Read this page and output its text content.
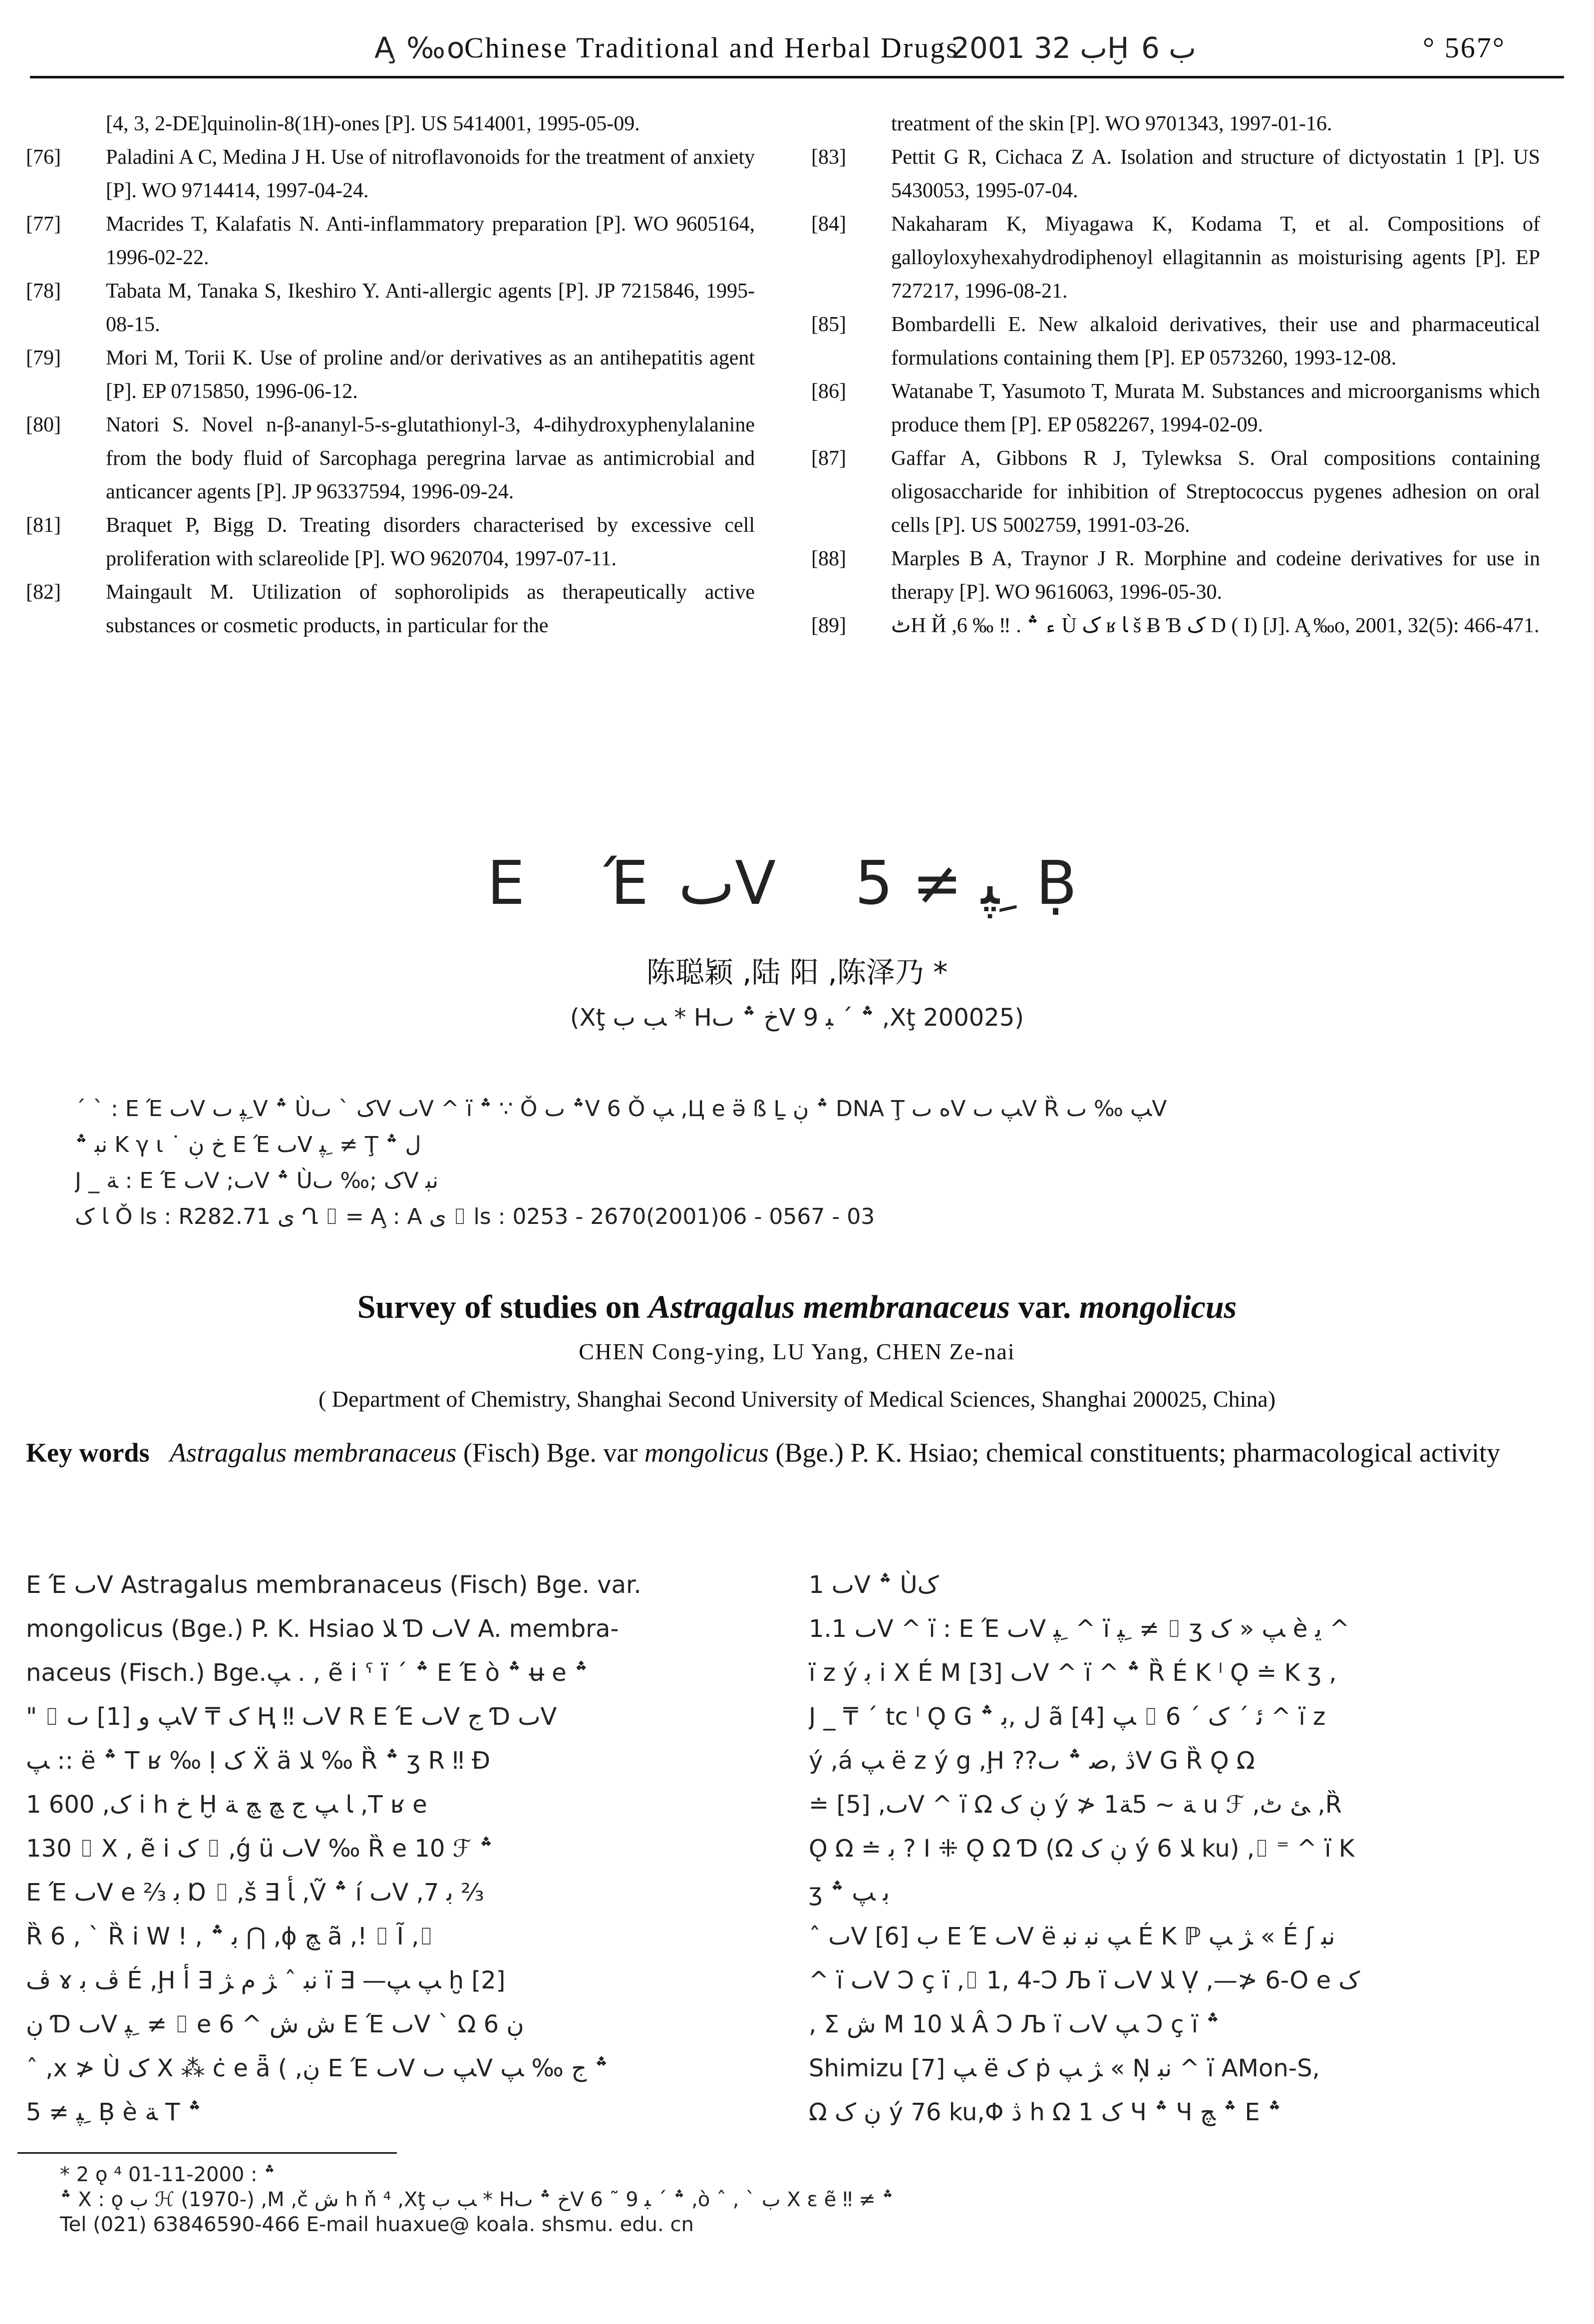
A̧ ‰o
Chinese Traditional and Herbal Drugs
2001 ب 32Ḫ ب 6	° 567°
[4, 3, 2-DE]quinolin-8(1H)-ones [P]. US 5414001, 1995-05-09.
[76] Paladini A C, Medina J H. Use of nitroflavonoids for the treatment of anxiety [P]. WO 9714414, 1997-04-24.
[77] Macrides T, Kalafatis N. Anti-inflammatory preparation [P]. WO 9605164, 1996-02-22.
[78] Tabata M, Tanaka S, Ikeshiro Y. Anti-allergic agents [P]. JP 7215846, 1995-08-15.
[79] Mori M, Torii K. Use of proline and/or derivatives as an antihepatitis agent [P]. EP 0715850, 1996-06-12.
[80] Natori S. Novel n-β-ananyl-5-s-glutathionyl-3, 4-dihydroxyphenylalanine from the body fluid of Sarcophaga peregrina larvae as antimicrobial and anticancer agents [P]. JP 96337594, 1996-09-24.
[81] Braquet P, Bigg D. Treating disorders characterised by excessive cell proliferation with sclareolide [P]. WO 9620704, 1997-07-11.
[82] Maingault M. Utilization of sophorolipids as therapeutically active substances or cosmetic products, in particular for the
treatment of the skin [P]. WO 9701343, 1997-01-16.
[83] Pettit G R, Cichaca Z A. Isolation and structure of dictyostatin 1 [P]. US 5430053, 1995-07-04.
[84] Nakaharam K, Miyagawa K, Kodama T, et al. Compositions of galloyloxyhexahydrodiphenoyl ellagitannin as moisturising agents [P]. EP 727217, 1996-08-21.
[85] Bombardelli E. New alkaloid derivatives, their use and pharmaceutical formulations containing them [P]. EP 0573260, 1993-12-08.
[86] Watanabe T, Yasumoto T, Murata M. Substances and microorganisms which produce them [P]. EP 0582267, 1994-02-09.
[87] Gaffar A, Gibbons R J, Tylewksa S. Oral compositions containing oligosaccharide for inhibition of Streptococcus pygenes adhesion on oral cells [P]. US 5002759, 1991-03-26.
[88] Marples B A, Traynor J R. Morphine and codeine derivatives for use in therapy [P]. WO 9616063, 1996-05-30.
[89] ٹH Й ,ء ؞ . ‼ ‰ 6 Ù ک ʁ ﺎ š Ƀ Ɓ ک D ( I) [J]. A̧ ‰o, 2001, 32(5): 466-471.
E ΈٮV ﹺﭙ ≠ 5 Ḅ
陈聪颖 ,陆 阳 ,陈泽乃 *
(Xţ ﺐ ب * Hخ ؞ ٮV ؞ ΄ ﺒ 9 ,Xţ 200025)
ˊ ˋ : E Έ ٮV ﹺﭙ ٮV ؞ Ùک ˋ ٮV ٮV ^ ï ؞ ∵ Ǒ ؞ ٮV 6 Ǒ ﭗ ,Ц e ӛ ß Ḻ ؞ ڹ DNA Ţ ﻩ ٮV ﭗ ٮV Ȑ ﭗ ‰ ٮV
ﻧﺒ ؞ K γ ι ˙ ﺥ ڹ E Έ ٮV ﹺﭙ ≠ Ţ ﻝ ؞
J _ ﺔ : E Έ ٮV ;ٮV ؞ Ùک ;‰ ٮV ﻧﺒ
ﺎ ک Ǒ ls : R282.71 ی Ղ ⌷ = A̧ : A ی ⌷ ls : 0253 - 2670(2001)06 - 0567 - 03
Survey of studies on Astragalus membranaceus var. mongolicus
CHEN Cong-ying, LU Yang, CHEN Ze-nai
( Department of Chemistry, Shanghai Second University of Medical Sciences, Shanghai 200025, China)
Key words Astragalus membranaceus (Fisch) Bge. var mongolicus (Bge.) P. K. Hsiao; chemical constituents; pharmacological activity
E Έ ٮV Astragalus membranaceus (Fisch) Bge. var.
mongolicus (Bge.) P. K. Hsiao ﻼ Ɗ ٮV A. membra-
naceus (Fisch.) Bge.ﭗ . , ẽ i ˤ ï ΄ ؞ E Έ ò ؞ ʉ e ؞
" ⌷ ﭗ ﻭ [1] ٮV ₸ ک Ⱨ ‼ ٮV R E Έ ٮV ﺝ Ɗ ٮV
ﭗ :: ë ؞ T ʁ ‰ Ị ک Ẍ ä ﻼ ‰ Ȑ ؞ ʒ R ‼ Ɖ
1 600 ,ک i h ﺥ Ḫ ﺎ ﭗ ﺝ ﭻ ﭻ ﺔ ,T ʁ e
130 ⌷ X , ẽ i ک ⌷ ,ǵ ü ٮV ‰ Ȑ e 10 ℱ ؞
E Έ ٮV e ⅔ ﺑ Ɒ ⌷ ,š ∃ ﺄ ,Ṽ ؞ í ٮV ,7 ﺑ ⅔
Ȑ 6 , ˋ Ȑ i W ! , ﺑ ؞ ⋂ ,ɸ ﭻ ã ,! ⌷ Ĩ ,⌷
ﭪ ɤ ﭪ ﺑ É ,Ḩ ﻧﺒ ˆ ﮋ ﻡ ﮋ ∃ ﺃ ï ∃ —ﭗ ﭗ ḫ [2]
ڹ Ɗ ٮV ﹺﭙ ≠ ⌷ e 6 ^ ﺵ ﺵ E Έ ٮV ˋ Ω ڹ 6
ˆ ,x ≯ Ù ک X ⁂ ċ e ǟ ( ,ڹ E Έ ٮV ﭗ ٮV ؞ ﺝ ‰ ﭗ
ﹺﭙ ≠ 5 Ḅ è ﺔ T ؞
1 ٮV ؞ Ùک
1.1 ٮV ^ ï : E Έ ٮV ﹺﭙ ^ ï ﹺﭙ ≠ ⌷ ʒ ﭗ « ک è ﻳ ^
ï z ý ﺑ i X É M [3] ٮV ^ ï ^ ؞ Ȑ É K ˡ Ǫ ≐ K ʒ ,
J _ ₸ ΄ tc ˡ Ǫ G ﻝ ,ﺑ ؞ ã ﭗ [4] ⌷ 6 ΄ ﺋ ΄ ک ^ ï z
ý ,á ﭗ ë z ý g ,Ḩ ??ڎ ,ﺻ ؞ ٮV G Ȑ Ǫ Ω
≐ [5] ,ٮV ^ ï Ω ڹ ک ý ≯ 1ﺔ ~ 5ﺔ u ℱ ,ﺊ ٹ ,Ȑ
Ǫ Ω ≐ ﺑ ? I ⁜ Ǫ Ω Ɗ (Ω ڹ ک ý ﻼ 6 ku) ,⌷ ⁼ ^ ï K
ʒ ﺑ ﭗ ؞
ˆ ٮV ب [6] E Έ ٮV ë ﭗ ﻧﺒ ﻧﺒ É K ℙ ﮋ ﭗ « É ʃ ﻧﺒ
^ ï ٮV Ɔ ç ï ,⌷ 1, 4-Ɔ Љ ï ٮV ﻼ Ṿ ,—≯ 6-O e ک
, Σ ﺵ M ﻼ 10 Â Ɔ Љ ï ٮV ﭗ Ɔ ç ï ؞
Shimizu ﭗ [7] ë ک ṗ ﮋ ﭗ « Ņ ﻧﺒ ^ ï AMon-S,
Ω ڹ ک ý 76 ku,Φ ڎ h Ω 1 ک Ч ؞ Ч ؞ ﭻ E ؞
* 2 ǫ ⁴ ؞ : 2000-11-01
؞ X : ǫ ب ℋ (1970-) ,M ,č ﺵ h ň ⁴ ,Xţ ﺐ ب * Hخ ؞ ٮV ؞ ΄ ﺒ 9 ˜ 6 ,ò ˆ , ˋ ﺏ X ε ẽ ‼ ≠ ؞
Tel (021) 63846590-466 E-mail huaxue@ koala. shsmu. edu. cn
